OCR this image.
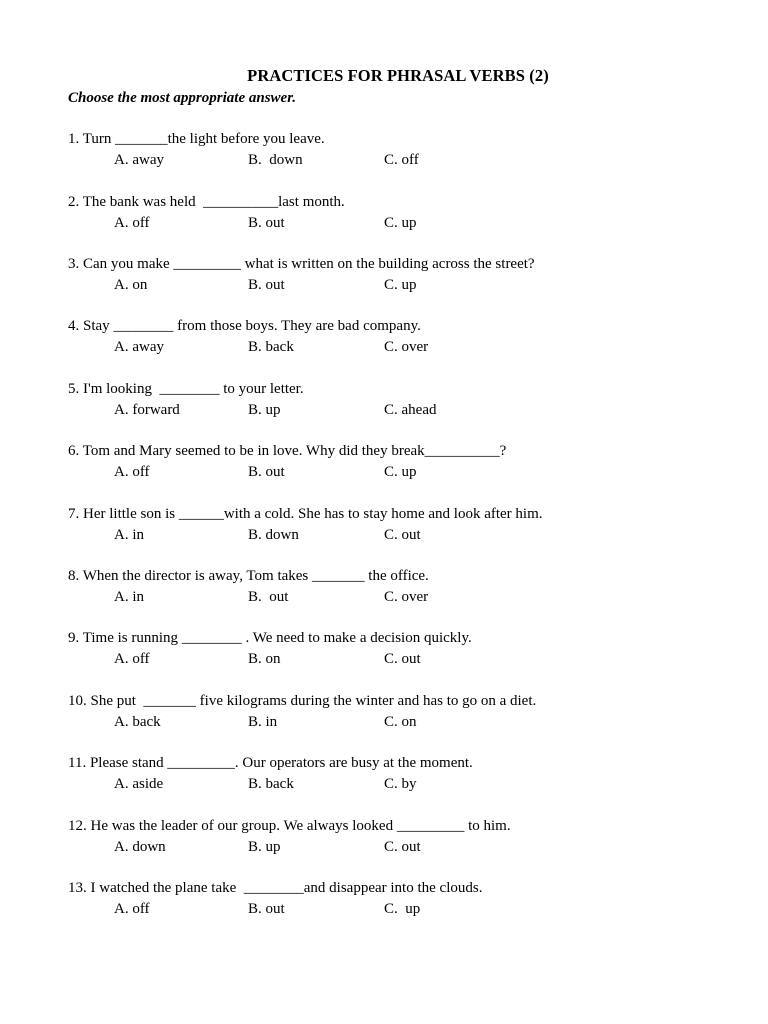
PRACTICES FOR PHRASAL VERBS (2)

Choose the most appropriate answer.

1. Turn _______the light before you leave.
A. away	B.  down	C. off
2. The bank was held  __________last month.
A. off	B. out	C. up
3. Can you make _________ what is written on the building across the street?
A. on	B. out	C. up
4. Stay ________ from those boys. They are bad company.
A. away	B. back	C. over
5. I'm looking  ________ to your letter.
A. forward	B. up	C. ahead
6. Tom and Mary seemed to be in love. Why did they break__________?
A. off	B. out	C. up
7. Her little son is ______with a cold. She has to stay home and look after him.
A. in	B. down	C. out
8. When the director is away, Tom takes _______ the office.
A. in	B.  out	C. over
9. Time is running ________ . We need to make a decision quickly.
A. off	B. on	C. out
10. She put  _______ five kilograms during the winter and has to go on a diet.
A. back	B. in	C. on
11. Please stand _________. Our operators are busy at the moment.
A. aside	B. back	C. by
12. He was the leader of our group. We always looked _________ to him.
A. down	B. up	C. out
13. I watched the plane take  ________and disappear into the clouds.
A. off	B. out	C.  up
